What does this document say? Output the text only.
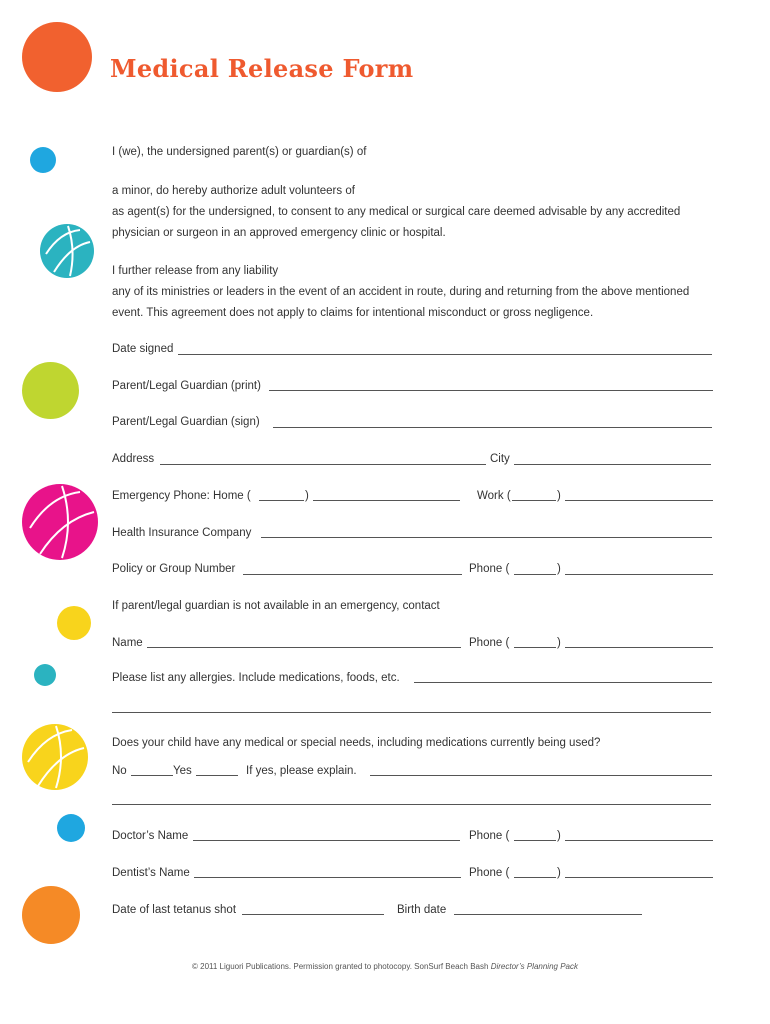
Medical Release Form
I (we), the undersigned parent(s) or guardian(s) of
a minor, do hereby authorize adult volunteers of
as agent(s) for the undersigned, to consent to any medical or surgical care deemed advisable by any accredited
physician or surgeon in an approved emergency clinic or hospital.
I further release from any liability
any of its ministries or leaders in the event of an accident in route, during and returning from the above mentioned
event. This agreement does not apply to claims for intentional misconduct or gross negligence.
Date signed
Parent/Legal Guardian (print)
Parent/Legal Guardian (sign)
Address	City
Emergency Phone: Home (	)	Work (	)
Health Insurance Company
Policy or Group Number	Phone (	)
If parent/legal guardian is not available in an emergency, contact
Name	Phone (	)
Please list any allergies. Include medications, foods, etc.
Does your child have any medical or special needs, including medications currently being used?
No	Yes	If yes, please explain.
Doctor’s Name	Phone (	)
Dentist’s Name	Phone (	)
Date of last tetanus shot	Birth date
© 2011 Liguori Publications. Permission granted to photocopy. SonSurf Beach Bash Director’s Planning Pack
